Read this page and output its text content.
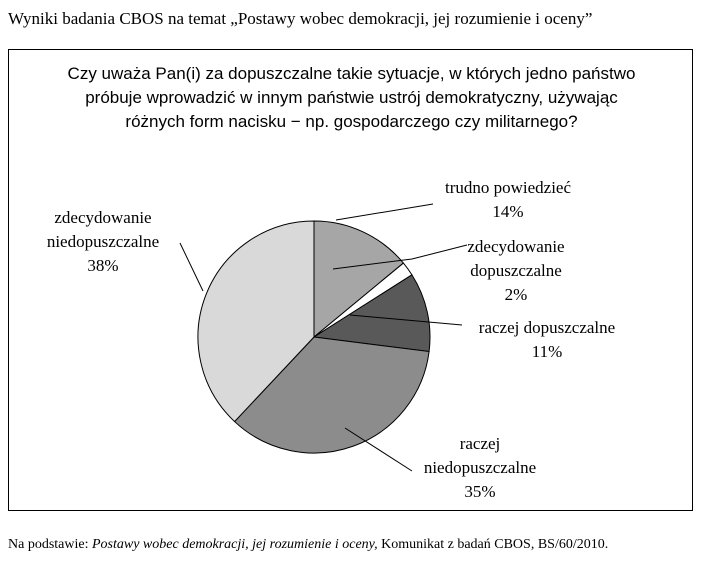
Wyniki badania CBOS na temat „Postawy wobec demokracji, jej rozumienie i oceny”
Czy uważa Pan(i) za dopuszczalne takie sytuacje, w których jedno państwo
próbuje wprowadzić w innym państwie ustrój demokratyczny, używając
różnych form nacisku − np. gospodarczego czy militarnego?
trudno powiedzieć 14%
zdecydowanie dopuszczalne 2%
raczej dopuszczalne 11%
raczej niedopuszczalne 35%
zdecydowanie niedopuszczalne 38%
Na podstawie: Postawy wobec demokracji, jej rozumienie i oceny, Komunikat z badań CBOS, BS/60/2010.
